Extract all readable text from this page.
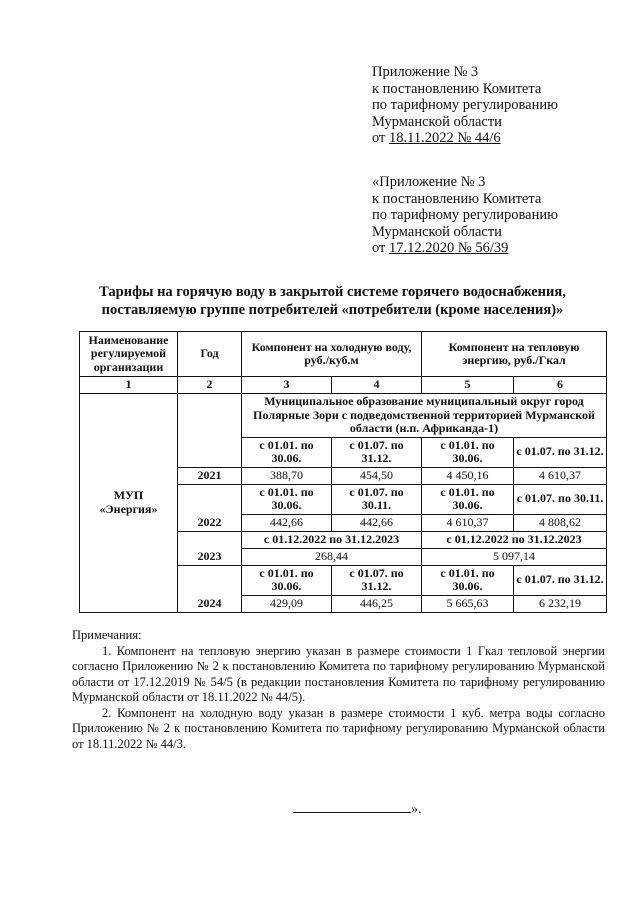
Приложение № 3
к постановлению Комитета
по тарифному регулированию
Мурманской области
от 18.11.2022 № 44/6
«Приложение № 3
к постановлению Комитета
по тарифному регулированию
Мурманской области
от 17.12.2020 № 56/39
Тарифы на горячую воду в закрытой системе горячего водоснабжения,
поставляемую группе потребителей «потребители (кроме населения)»
Наименование регулируемой организации	Год	Компонент на холодную воду, руб./куб.м		Компонент на тепловую энергию, руб./Гкал	
1	2	3	4	5	6
МУП
«Энергия»		Муниципальное образование муниципальный округ город Полярные Зори с подведомственной территорией Мурманской области (н.п. Африканда-1)			
		с 01.01. по 30.06.	с 01.07. по 31.12.	с 01.01. по 30.06.	с 01.07. по 31.12.
	2021	388,70	454,50	4 450,16	4 610,37
		с 01.01. по 30.06.	с 01.07. по 30.11.	с 01.01. по 30.06.	с 01.07. по 30.11.
	2022	442,66	442,66	4 610,37	4 808,62
		с 01.12.2022 по 31.12.2023		с 01.12.2022 по 31.12.2023	
	2023	268,44		5 097,14	
		с 01.01. по 30.06.	с 01.07. по 31.12.	с 01.01. по 30.06.	с 01.07. по 31.12.
	2024	429,09	446,25	5 665,63	6 232,19

Примечания:

1. Компонент на тепловую энергию указан в размере стоимости 1 Гкал тепловой энергии согласно Приложению № 2 к постановлению Комитета по тарифному регулированию Мурманской области от 17.12.2019 № 54/5 (в редакции постановления Комитета по тарифному регулированию Мурманской области от 18.11.2022 № 44/5).

2. Компонент на холодную воду указан в размере стоимости 1 куб. метра воды согласно Приложению № 2 к постановлению Комитета по тарифному регулированию Мурманской области от 18.11.2022 № 44/3.

».
